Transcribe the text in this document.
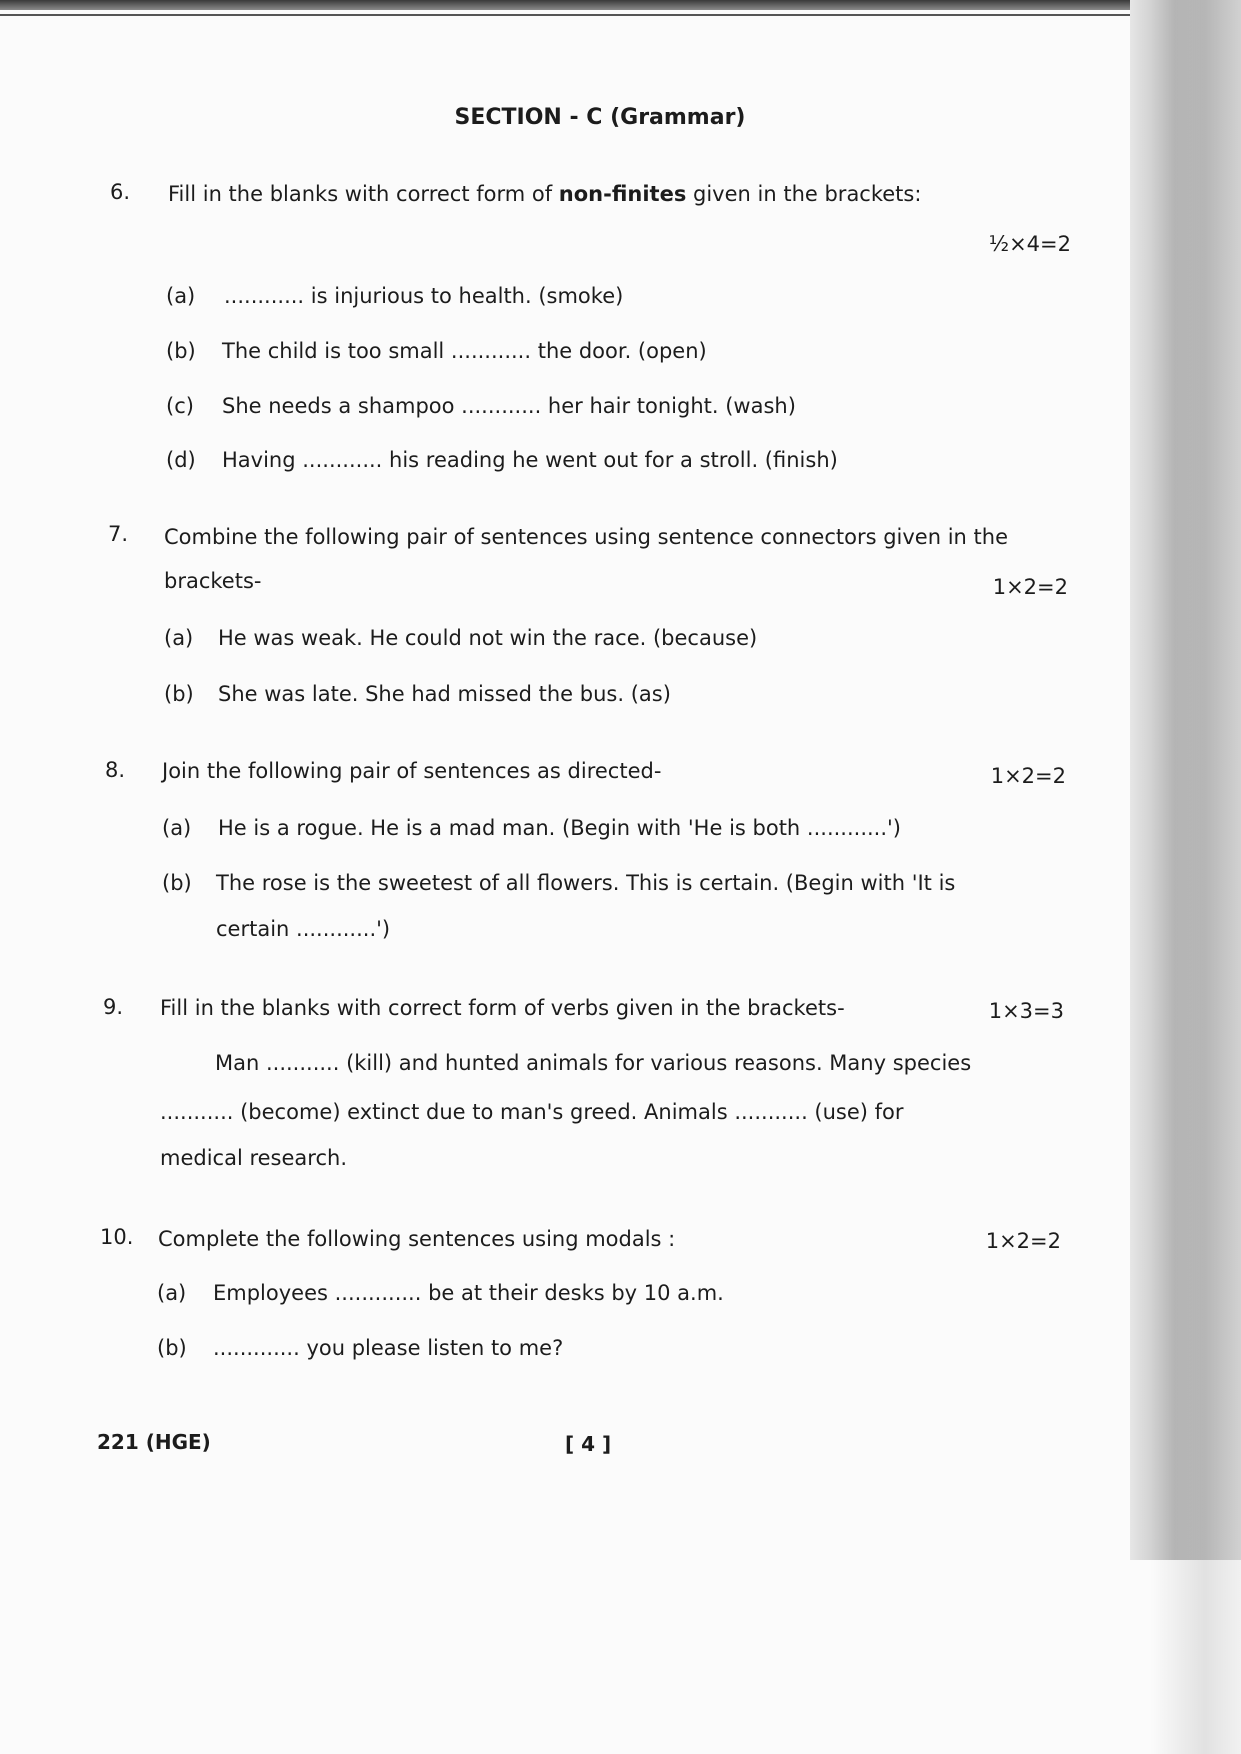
SECTION - C (Grammar)
6. Fill in the blanks with correct form of non-finites given in the brackets:
½×4=2
(a) ............ is injurious to health. (smoke)
(b) The child is too small ............ the door. (open)
(c) She needs a shampoo ............ her hair tonight. (wash)
(d) Having ............ his reading he went out for a stroll. (finish)
7. Combine the following pair of sentences using sentence connectors given in the
brackets-	1×2=2
(a) He was weak. He could not win the race. (because)
(b) She was late. She had missed the bus. (as)
8. Join the following pair of sentences as directed-	1×2=2
(a) He is a rogue. He is a mad man. (Begin with 'He is both ............')
(b) The rose is the sweetest of all flowers. This is certain. (Begin with 'It is
certain ............')
9. Fill in the blanks with correct form of verbs given in the brackets-	1×3=3
Man ........... (kill) and hunted animals for various reasons. Many species
........... (become) extinct due to man's greed. Animals ........... (use) for
medical research.
10. Complete the following sentences using modals :	1×2=2
(a) Employees ............. be at their desks by 10 a.m.
(b) ............. you please listen to me?
221 (HGE)	[ 4 ]
